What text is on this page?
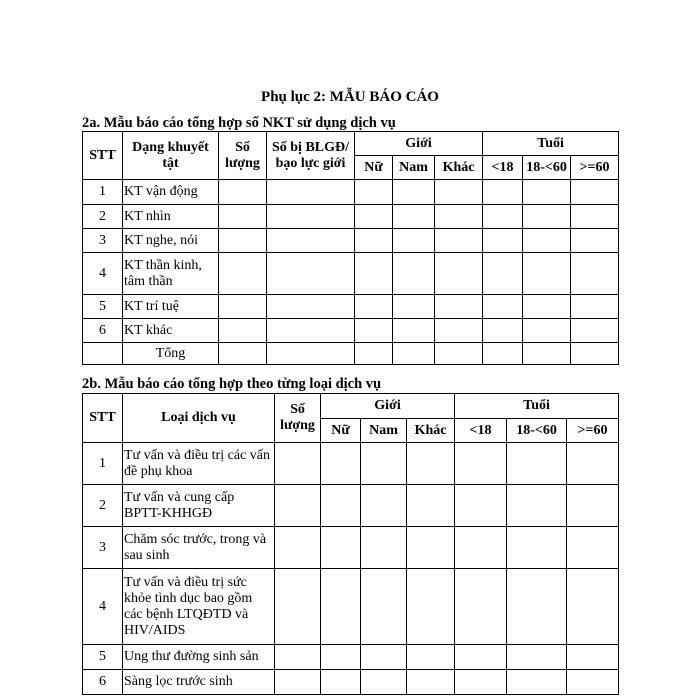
Phụ lục 2: MẪU BÁO CÁO
2a. Mẫu báo cáo tổng hợp số NKT sử dụng dịch vụ
STT	Dạng khuyết tật	Số lượng	Số bị BLGĐ/ bạo lực giới	Giới			Tuổi		
				Nữ	Nam	Khác	<18	18-<60	>=60
1	KT vận động								
2	KT nhìn								
3	KT nghe, nói								
4	KT thần kinh, tâm thần								
5	KT trí tuệ								
6	KT khác								
	Tổng								
2b. Mẫu báo cáo tổng hợp theo từng loại dịch vụ
STT	Loại dịch vụ	Số lượng	Giới			Tuổi		
			Nữ	Nam	Khác	<18	18-<60	>=60
1	Tư vấn và điều trị các vấn đề phụ khoa							
2	Tư vấn và cung cấp BPTT-KHHGĐ							
3	Chăm sóc trước, trong và sau sinh							
4	Tư vấn và điều trị sức khỏe tình dục bao gồm các bệnh LTQĐTD và HIV/AIDS							
5	Ung thư đường sinh sản							
6	Sàng lọc trước sinh							
